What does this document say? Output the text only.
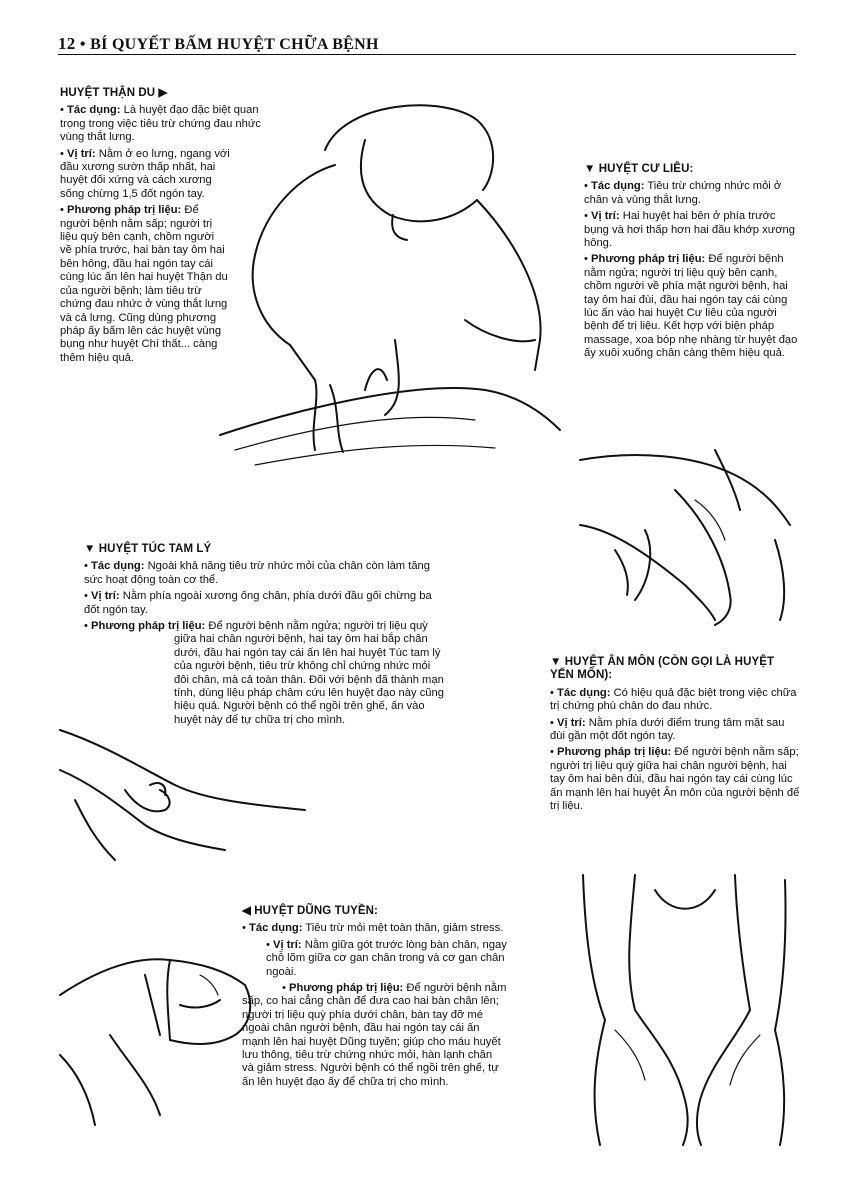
12 • BÍ QUYẾT BẤM HUYỆT CHỮA BỆNH
HUYỆT THẬN DU ▶

• Tác dụng: Là huyệt đạo đặc biệt quan trọng trong việc tiêu trừ chứng đau nhức vùng thắt lưng.

• Vị trí: Nằm ở eo lưng, ngang với đầu xương sườn thấp nhất, hai huyệt đối xứng và cách xương sống chừng 1,5 đốt ngón tay.

• Phương pháp trị liệu: Để người bệnh nằm sấp; người trị liệu quỳ bên cạnh, chồm người về phía trước, hai bàn tay ôm hai bên hông, đầu hai ngón tay cái cùng lúc ấn lên hai huyệt Thận du của người bệnh; làm tiêu trừ chứng đau nhức ở vùng thắt lưng và cả lưng. Cũng dùng phương pháp ấy bấm lên các huyệt vùng bụng như huyệt Chí thất... càng thêm hiệu quả.

▼ HUYỆT CƯ LIÊU:

• Tác dụng: Tiêu trừ chứng nhức mỏi ở chân và vùng thắt lưng.

• Vị trí: Hai huyệt hai bên ở phía trước bụng và hơi thấp hơn hai đầu khớp xương hông.

• Phương pháp trị liệu: Để người bệnh nằm ngửa; người trị liệu quỳ bên cạnh, chồm người về phía mặt người bệnh, hai tay ôm hai đùi, đầu hai ngón tay cái cùng lúc ấn vào hai huyệt Cư liêu của người bệnh để trị liệu. Kết hợp với biện pháp massage, xoa bóp nhẹ nhàng từ huyệt đạo ấy xuôi xuống chân càng thêm hiệu quả.

▼ HUYỆT TÚC TAM LÝ

• Tác dụng: Ngoài khả năng tiêu trừ nhức mỏi của chân còn làm tăng sức hoạt động toàn cơ thể.

• Vị trí: Nằm phía ngoài xương ống chân, phía dưới đầu gối chừng ba đốt ngón tay.

• Phương pháp trị liệu: Để người bệnh nằm ngửa; người trị liệu quỳ giữa hai chân người bệnh, hai tay ôm hai bắp chân dưới, đầu hai ngón tay cái ấn lên hai huyệt Túc tam lý của người bệnh, tiêu trừ không chỉ chứng nhức mỏi đôi chân, mà cả toàn thân. Đối với bệnh đã thành mạn tính, dùng liệu pháp châm cứu lên huyệt đạo này cũng hiệu quả. Người bệnh có thể ngồi trên ghế, ấn vào huyệt này để tự chữa trị cho mình.

▼ HUYỆT ÂN MÔN (CÒN GỌI LÀ HUYỆT YẾN MÔN):

• Tác dụng: Có hiệu quả đặc biệt trong việc chữa trị chứng phù chân do đau nhức.

• Vị trí: Nằm phía dưới điểm trung tâm mặt sau đùi gần một đốt ngón tay.

• Phương pháp trị liệu: Để người bệnh nằm sấp; người trị liệu quỳ giữa hai chân người bệnh, hai tay ôm hai bên đùi, đầu hai ngón tay cái cùng lúc ấn mạnh lên hai huyệt Ân môn của người bệnh để trị liệu.

◀ HUYỆT DŨNG TUYỀN:

• Tác dụng: Tiêu trừ mỏi mệt toàn thân, giảm stress.

• Vị trí: Nằm giữa gót trước lòng bàn chân, ngay chỗ lõm giữa cơ gan chân trong và cơ gan chân ngoài.

• Phương pháp trị liệu: Để người bệnh nằm sấp, co hai cẳng chân để đưa cao hai bàn chân lên; người trị liệu quỳ phía dưới chân, bàn tay đỡ mé ngoài chân người bệnh, đầu hai ngón tay cái ấn mạnh lên hai huyệt Dũng tuyền; giúp cho máu huyết lưu thông, tiêu trừ chứng nhức mỏi, hàn lạnh chân và giảm stress. Người bệnh có thể ngồi trên ghế, tự ấn lên huyệt đạo ấy để chữa trị cho mình.
